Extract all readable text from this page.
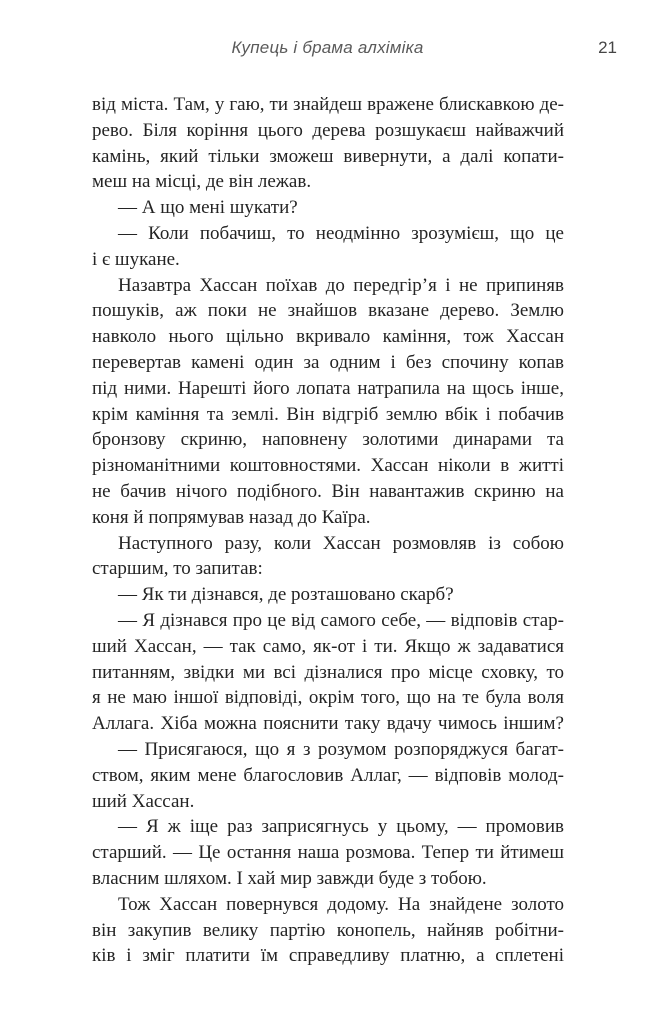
Купець і брама алхіміка	21
від міста. Там, у гаю, ти знайдеш вражене блискавкою де-
рево. Біля коріння цього дерева розшукаєш найважчий
камінь, який тільки зможеш вивернути, а далі копати-
меш на місці, де він лежав.
— А що мені шукати?
— Коли побачиш, то неодмінно зрозумієш, що це
і є шукане.
Назавтра Хассан поїхав до передгір’я і не припиняв
пошуків, аж поки не знайшов вказане дерево. Землю
навколо нього щільно вкривало каміння, тож Хассан
перевертав камені один за одним і без спочину копав
під ними. Нарешті його лопата натрапила на щось інше,
крім каміння та землі. Він відгріб землю вбік і побачив
бронзову скриню, наповнену золотими динарами та
різноманітними коштовностями. Хассан ніколи в житті
не бачив нічого подібного. Він навантажив скриню на
коня й попрямував назад до Каїра.
Наступного разу, коли Хассан розмовляв із собою
старшим, то запитав:
— Як ти дізнався, де розташовано скарб?
— Я дізнався про це від самого себе, — відповів стар-
ший Хассан, — так само, як-от і ти. Якщо ж задаватися
питанням, звідки ми всі дізналися про місце сховку, то
я не маю іншої відповіді, окрім того, що на те була воля
Аллага. Хіба можна пояснити таку вдачу чимось іншим?
— Присягаюся, що я з розумом розпоряджуся багат-
ством, яким мене благословив Аллаг, — відповів молод-
ший Хассан.
— Я ж іще раз заприсягнусь у цьому, — промовив
старший. — Це остання наша розмова. Тепер ти йтимеш
власним шляхом. І хай мир завжди буде з тобою.
Тож Хассан повернувся додому. На знайдене золото
він закупив велику партію конопель, найняв робітни-
ків і зміг платити їм справедливу платню, а сплетені
